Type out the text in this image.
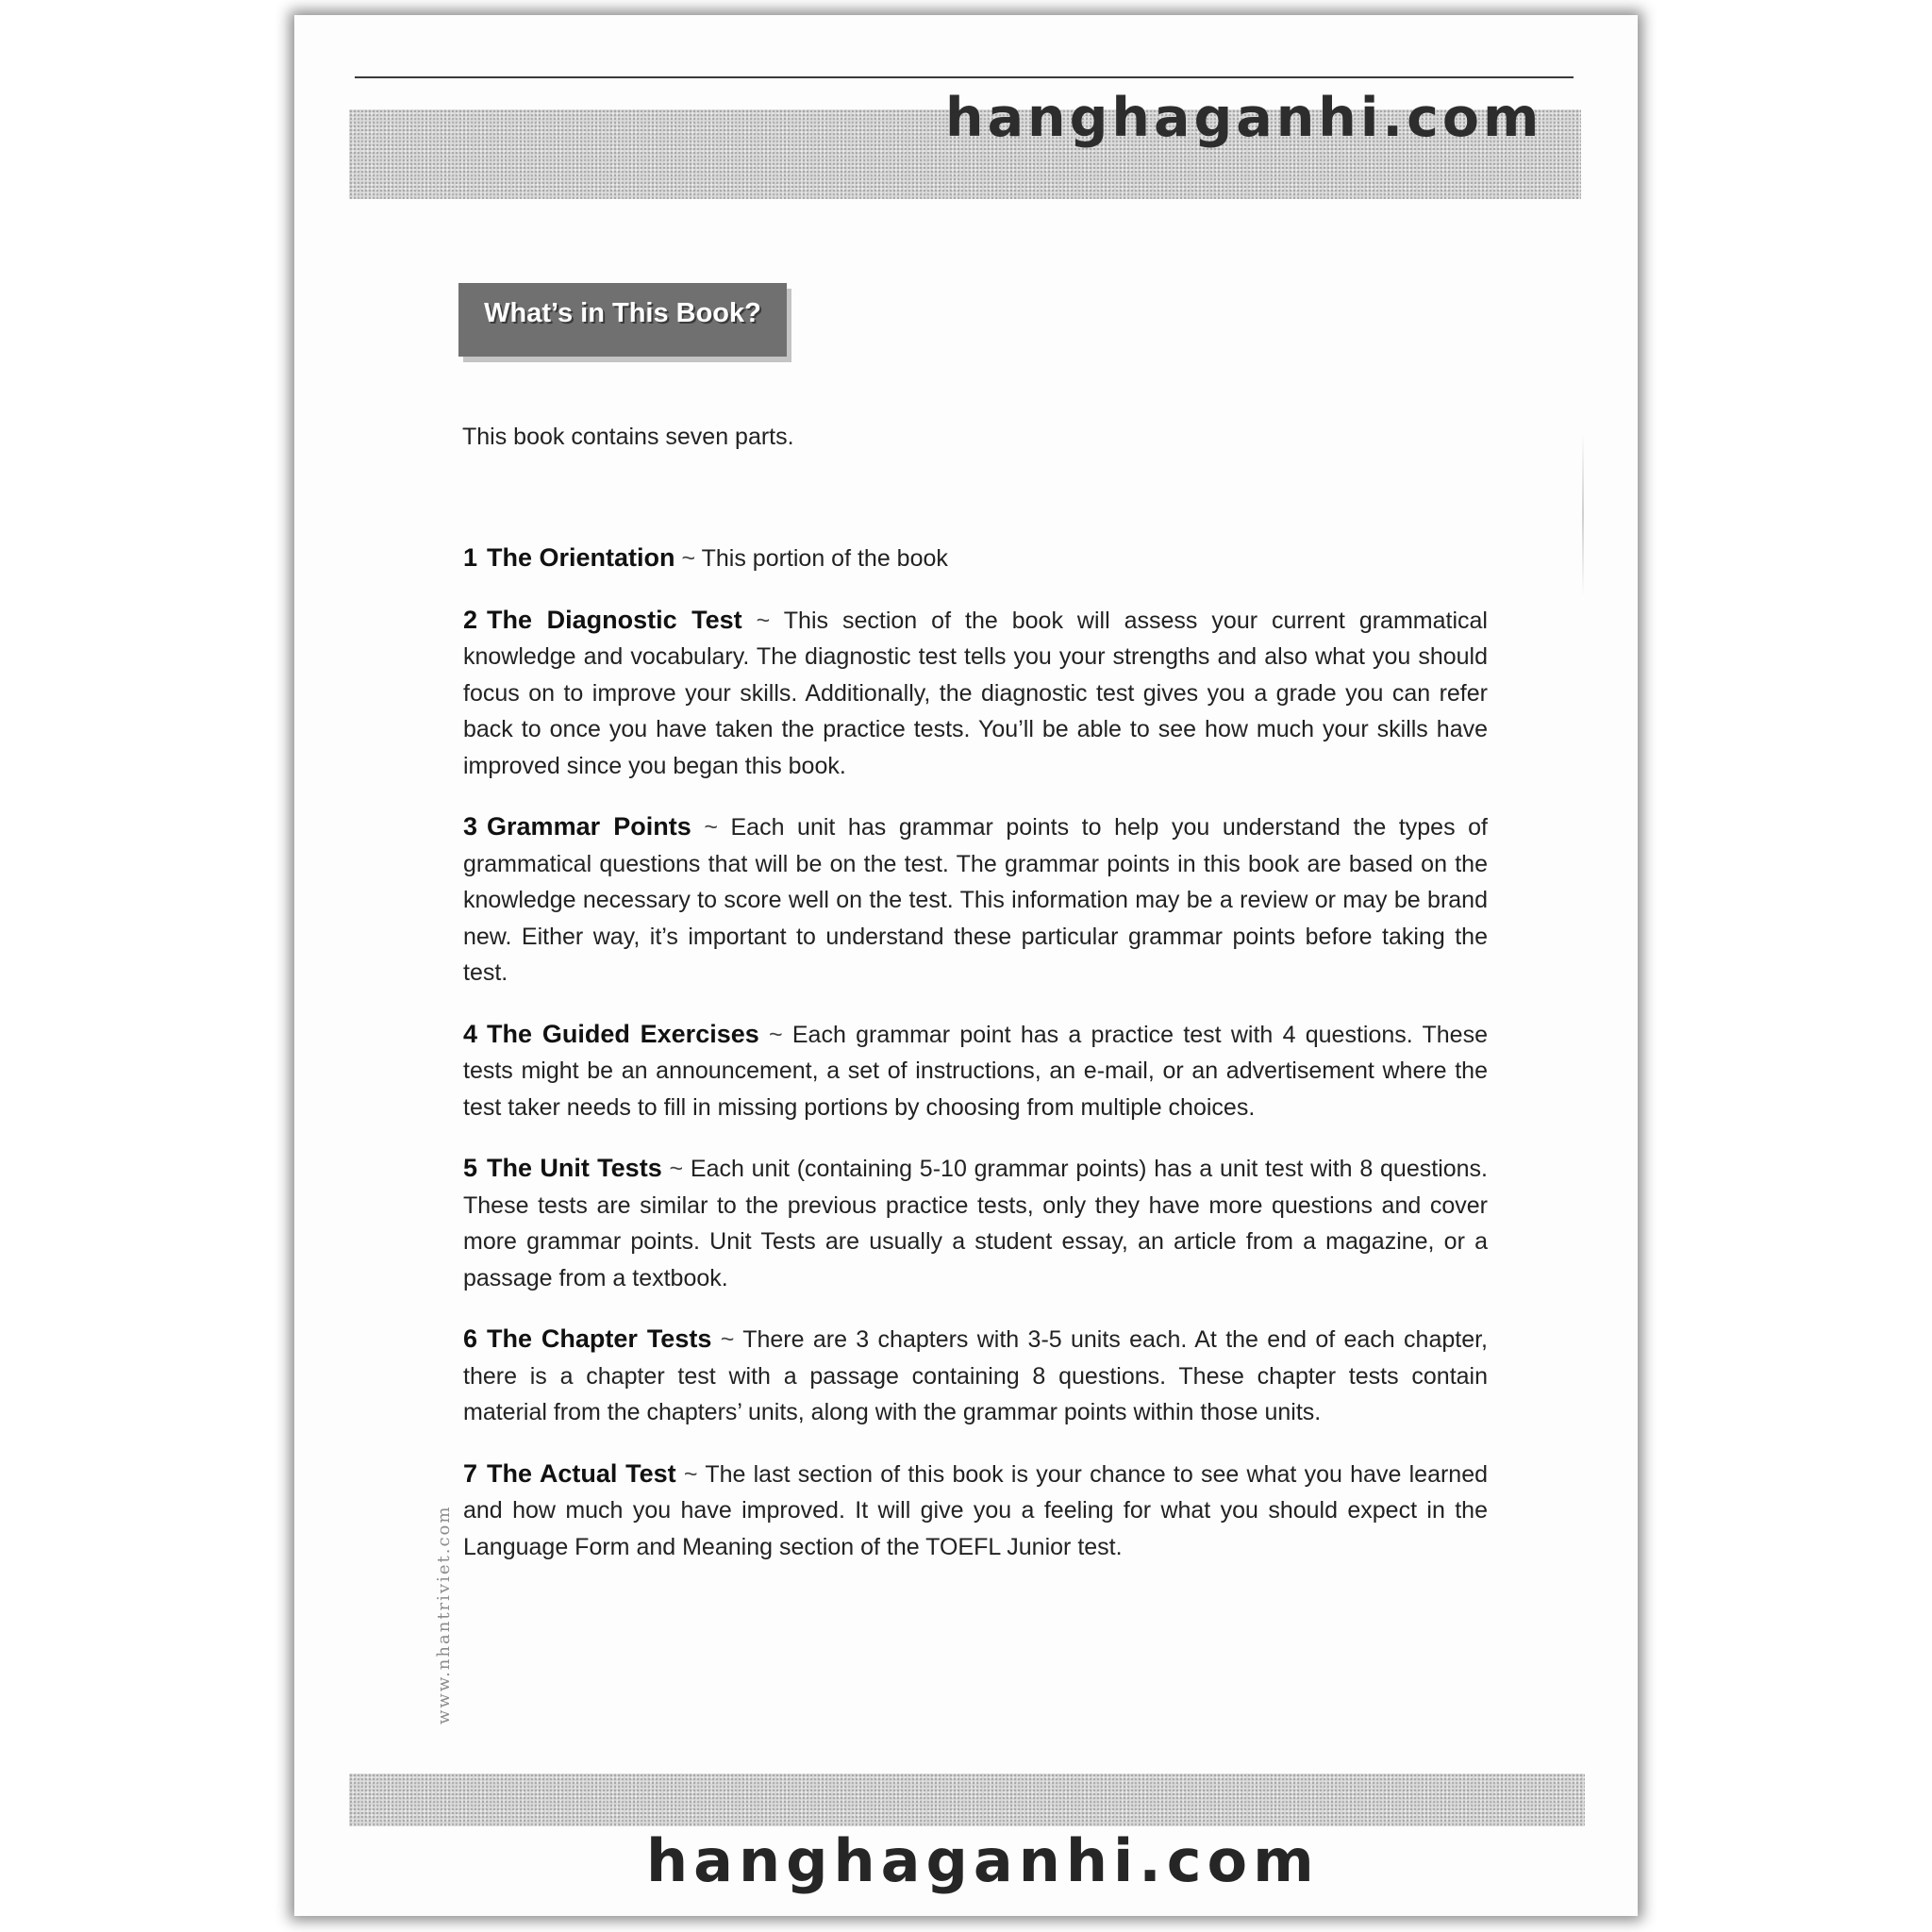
hanghaganhi.com
What’s in This Book?
This book contains seven parts.

1 The Orientation ~ This portion of the book

2 The Diagnostic Test ~ This section of the book will assess your current grammatical knowledge and vocabulary. The diagnostic test tells you your strengths and also what you should focus on to improve your skills. Additionally, the diagnostic test gives you a grade you can refer back to once you have taken the practice tests. You’ll be able to see how much your skills have improved since you began this book.

3 Grammar Points ~ Each unit has grammar points to help you understand the types of grammatical questions that will be on the test. The grammar points in this book are based on the knowledge necessary to score well on the test. This information may be a review or may be brand new. Either way, it’s important to understand these particular grammar points before taking the test.

4 The Guided Exercises ~ Each grammar point has a practice test with 4 questions. These tests might be an announcement, a set of instructions, an e-mail, or an advertisement where the test taker needs to fill in missing portions by choosing from multiple choices.

5 The Unit Tests ~ Each unit (containing 5-10 grammar points) has a unit test with 8 questions. These tests are similar to the previous practice tests, only they have more questions and cover more grammar points. Unit Tests are usually a student essay, an article from a magazine, or a passage from a textbook.

6 The Chapter Tests ~ There are 3 chapters with 3-5 units each. At the end of each chapter, there is a chapter test with a passage containing 8 questions. These chapter tests contain material from the chapters’ units, along with the grammar points within those units.

7 The Actual Test ~ The last section of this book is your chance to see what you have learned and how much you have improved. It will give you a feeling for what you should expect in the Language Form and Meaning section of the TOEFL Junior test.

www.nhantriviet.com
hanghaganhi.com
